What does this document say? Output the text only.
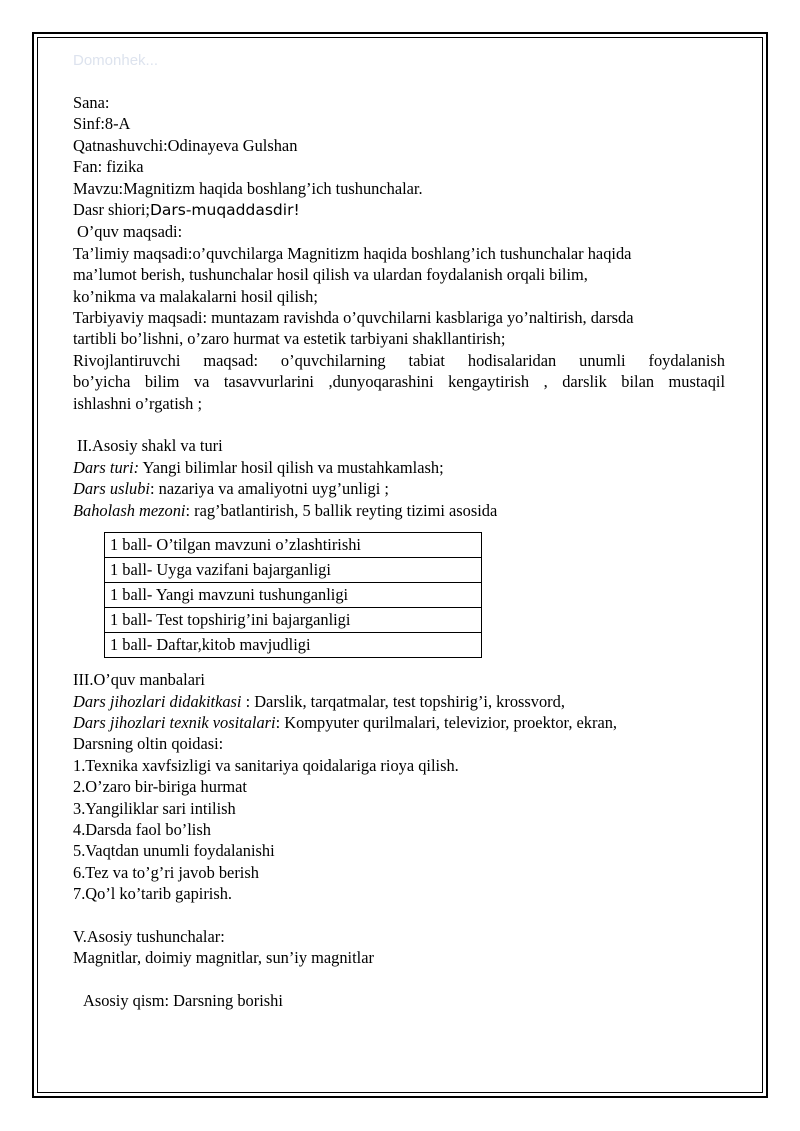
Domonhek...
Sana:
Sinf:8-A
Qatnashuvchi:Odinayeva Gulshan
Fan: fizika
Mavzu:Magnitizm haqida boshlang’ich tushunchalar.
Dasr shiori;Dars-muqaddasdir!
O’quv maqsadi:
Ta’limiy maqsadi:o’quvchilarga Magnitizm haqida boshlang’ich tushunchalar haqida
ma’lumot berish, tushunchalar hosil qilish va ulardan foydalanish orqali bilim,
ko’nikma va malakalarni hosil qilish;
Tarbiyaviy maqsadi: muntazam ravishda o’quvchilarni kasblariga yo’naltirish, darsda
tartibli bo’lishni, o’zaro hurmat va estetik tarbiyani shakllantirish;
Rivojlantiruvchi maqsad: o’quvchilarning tabiat hodisalaridan unumli foydalanish
bo’yicha bilim va tasavvurlarini ,dunyoqarashini kengaytirish , darslik bilan mustaqil
ishlashni o’rgatish ;
II.Asosiy shakl va turi
Dars turi: Yangi bilimlar hosil qilish va mustahkamlash;
Dars uslubi: nazariya va amaliyotni uyg’unligi ;
Baholash mezoni: rag’batlantirish, 5 ballik reyting tizimi asosida
1 ball- O’tilgan mavzuni o’zlashtirishi
1 ball- Uyga vazifani bajarganligi
1 ball- Yangi mavzuni tushunganligi
1 ball- Test topshirig’ini bajarganligi
1 ball- Daftar,kitob mavjudligi
III.O’quv manbalari
Dars jihozlari didakitkasi : Darslik, tarqatmalar, test topshirig’i, krossvord,
Dars jihozlari texnik vositalari: Kompyuter qurilmalari, televizior, proektor, ekran,
Darsning oltin qoidasi:
1.Texnika xavfsizligi va sanitariya qoidalariga rioya qilish.
2.O’zaro bir-biriga hurmat
3.Yangiliklar sari intilish
4.Darsda faol bo’lish
5.Vaqtdan unumli foydalanishi
6.Tez va to’g’ri javob berish
7.Qo’l ko’tarib gapirish.
V.Asosiy tushunchalar:
Magnitlar, doimiy magnitlar, sun’iy magnitlar
Asosiy qism: Darsning borishi
